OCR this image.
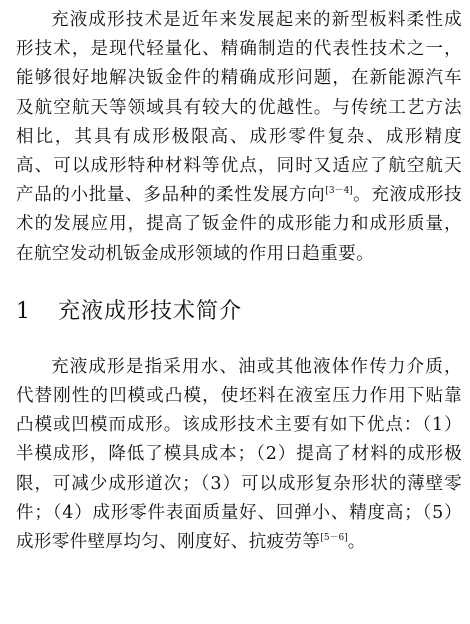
充液成形技术是近年来发展起来的新型板料柔性成形技术，是现代轻量化、精确制造的代表性技术之一，能够很好地解决钣金件的精确成形问题，在新能源汽车及航空航天等领域具有较大的优越性。与传统工艺方法相比，其具有成形极限高、成形零件复杂、成形精度高、可以成形特种材料等优点，同时又适应了航空航天产品的小批量、多品种的柔性发展方向[3－4]。充液成形技术的发展应用，提高了钣金件的成形能力和成形质量，在航空发动机钣金成形领域的作用日趋重要。

1 充液成形技术简介

充液成形是指采用水、油或其他液体作传力介质，代替刚性的凹模或凸模，使坯料在液室压力作用下贴靠凸模或凹模而成形。该成形技术主要有如下优点：（1）半模成形，降低了模具成本；（2）提高了材料的成形极限，可减少成形道次；（3）可以成形复杂形状的薄壁零件；（4）成形零件表面质量好、回弹小、精度高；（5）成形零件壁厚均匀、刚度好、抗疲劳等[5－6]。
